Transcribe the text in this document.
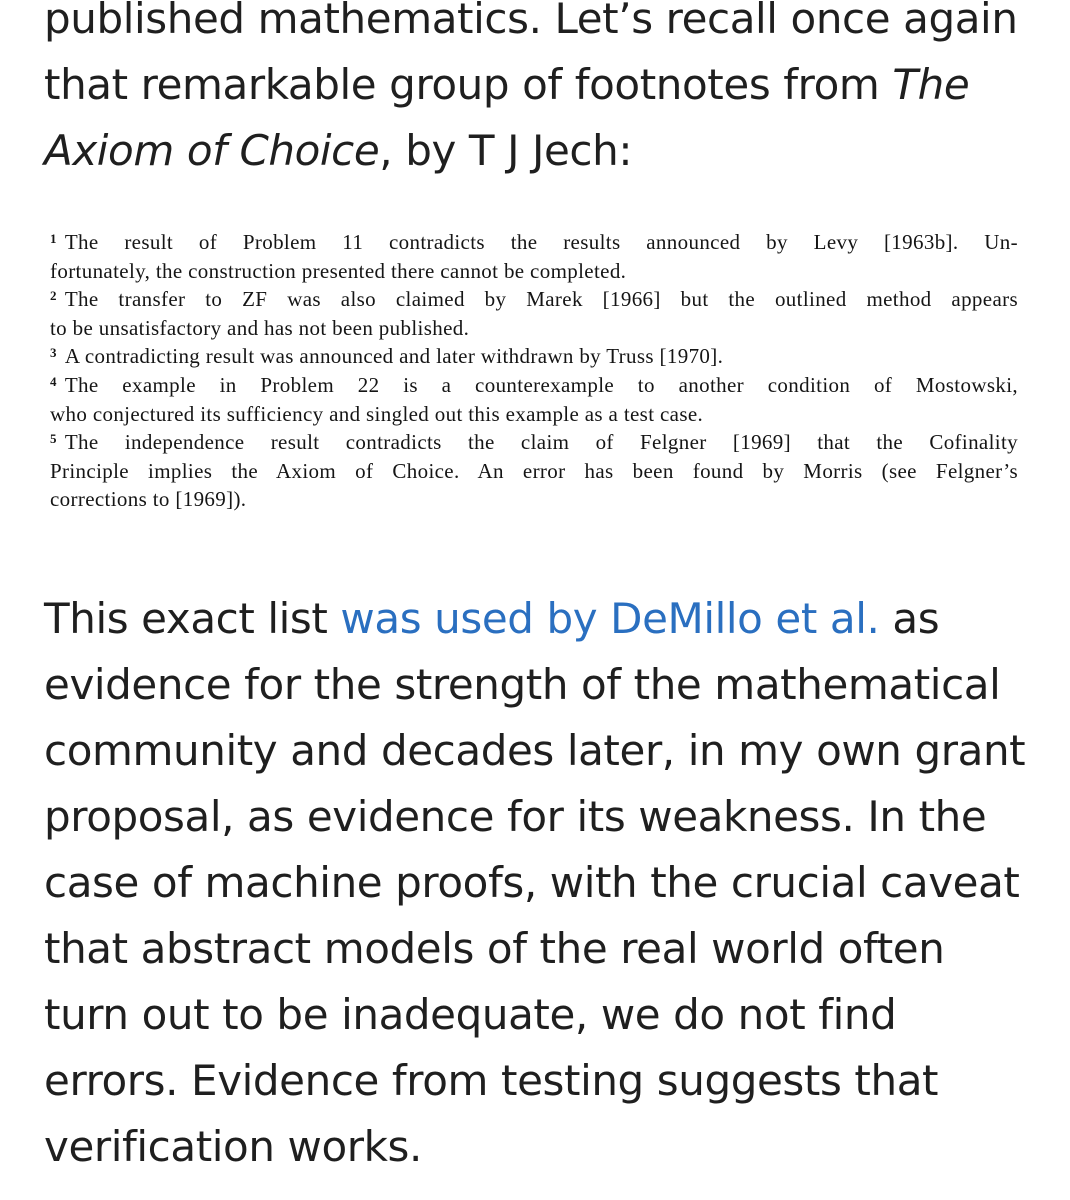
published mathematics. Let’s recall once again
that remarkable group of footnotes from The
Axiom of Choice, by T J Jech:
$^1$ The result of Problem 11 contradicts the results announced by Levy [1963b]. Un-
fortunately, the construction presented there cannot be completed.
$^2$ The transfer to ZF was also claimed by Marek [1966] but the outlined method appears
to be unsatisfactory and has not been published.
$^3$ A contradicting result was announced and later withdrawn by Truss [1970].
$^4$ The example in Problem 22 is a counterexample to another condition of Mostowski,
who conjectured its sufficiency and singled out this example as a test case.
$^5$ The independence result contradicts the claim of Felgner [1969] that the Cofinality
Principle implies the Axiom of Choice. An error has been found by Morris (see Felgner’s
corrections to [1969]).
This exact list was used by DeMillo et al. as
evidence for the strength of the mathematical
community and decades later, in my own grant
proposal, as evidence for its weakness. In the
case of machine proofs, with the crucial caveat
that abstract models of the real world often
turn out to be inadequate, we do not find
errors. Evidence from testing suggests that
verification works.
